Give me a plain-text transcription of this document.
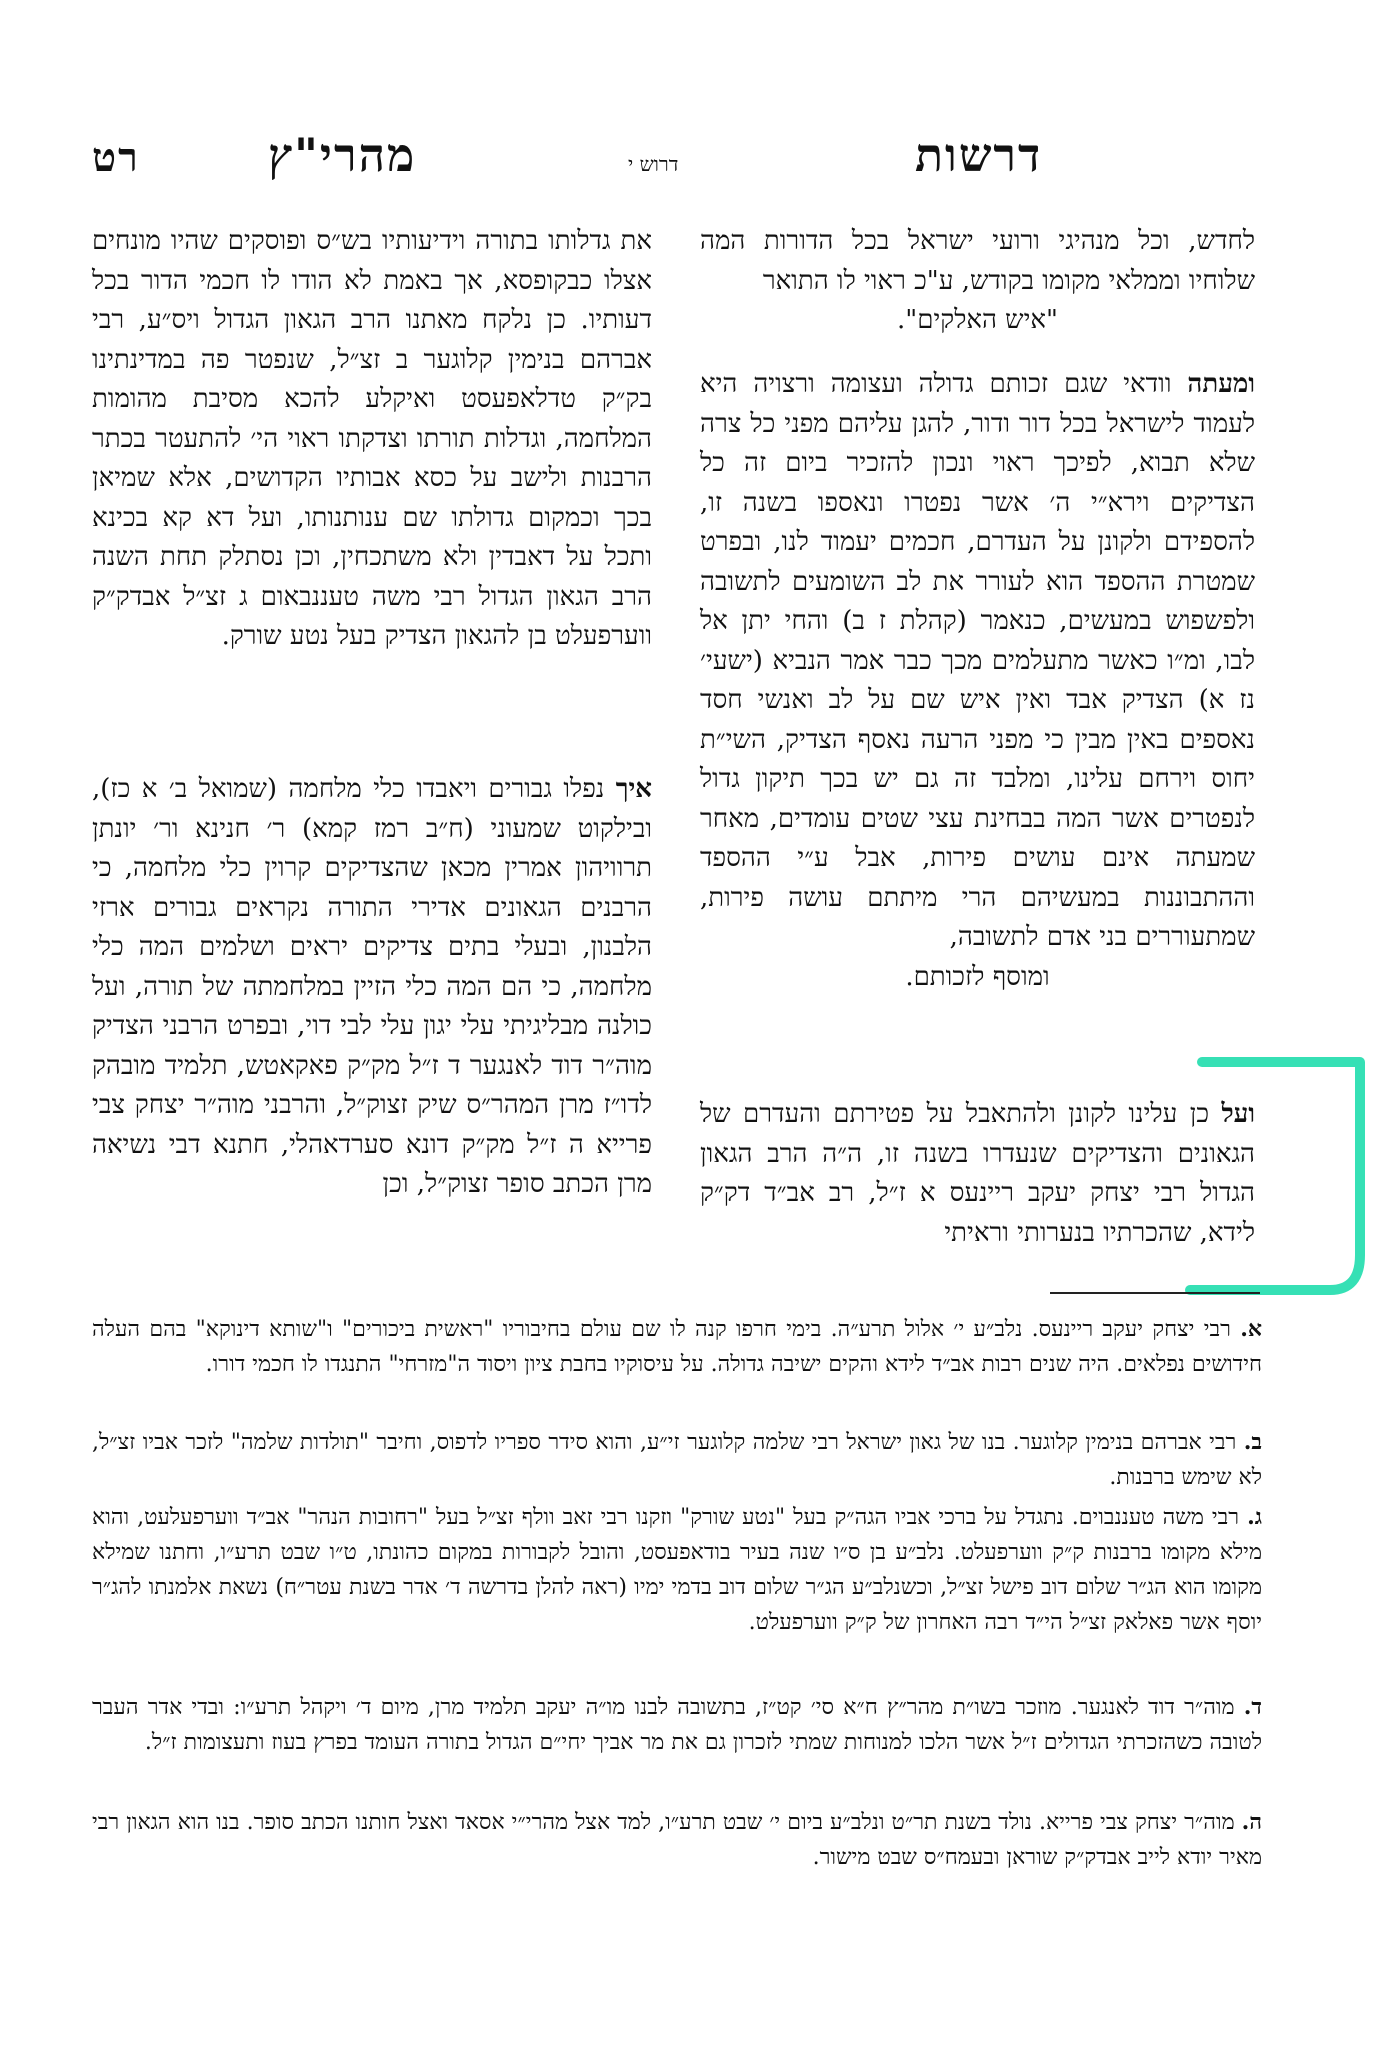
דרשות
דרוש י
מהרי"ץ
רט

לחדש, וכל מנהיגי ורועי ישראל בכל הדורות המה שלוחיו וממלאי מקומו בקודש, ע"כ ראוי לו התואר

"איש האלקים".

ומעתה וודאי שגם זכותם גדולה ועצומה ורצויה היא לעמוד לישראל בכל דור ודור, להגן עליהם מפני כל צרה שלא תבוא, לפיכך ראוי ונכון להזכיר ביום זה כל הצדיקים וירא״י ה׳ אשר נפטרו ונאספו בשנה זו, להספידם ולקונן על העדרם, חכמים יעמוד לנו, ובפרט שמטרת ההספד הוא לעורר את לב השומעים לתשובה ולפשפוש במעשים, כנאמר (קהלת ז ב) והחי יתן אל לבו, ומ״ו כאשר מתעלמים מכך כבר אמר הנביא (ישעי׳ נז א) הצדיק אבד ואין איש שם על לב ואנשי חסד נאספים באין מבין כי מפני הרעה נאסף הצדיק, השי״ת יחוס וירחם עלינו, ומלבד זה גם יש בכך תיקון גדול לנפטרים אשר המה בבחינת עצי שטים עומדים, מאחר שמעתה אינם עושים פירות, אבל ע״י ההספד וההתבוננות במעשיהם הרי מיתתם עושה פירות, שמתעוררים בני אדם לתשובה,

ומוסף לזכותם.

ועל כן עלינו לקונן ולהתאבל על פטירתם והעדרם של הגאונים והצדיקים שנעדרו בשנה זו, ה״ה הרב הגאון הגדול רבי יצחק יעקב ריינעס א ז״ל, רב אב״ד דק״ק לידא, שהכרתיו בנערותי וראיתי

את גדלותו בתורה וידיעותיו בש״ס ופוסקים שהיו מונחים אצלו כבקופסא, אך באמת לא הודו לו חכמי הדור בכל דעותיו. כן נלקח מאתנו הרב הגאון הגדול ויס״ע, רבי אברהם בנימין קלוגער ב זצ״ל, שנפטר פה במדינתינו בק״ק טדלאפעסט ואיקלע להכא מסיבת מהומות המלחמה, וגדלות תורתו וצדקתו ראוי הי׳ להתעטר בכתר הרבנות ולישב על כסא אבותיו הקדושים, אלא שמיאן בכך וכמקום גדולתו שם ענותנותו, ועל דא קא בכינא ותכל על דאבדין ולא משתכחין, וכן נסתלק תחת השנה הרב הגאון הגדול רבי משה טעננבאום ג זצ״ל אבדק״ק ווערפעלט בן להגאון הצדיק בעל נטע שורק.

איך נפלו גבורים ויאבדו כלי מלחמה (שמואל ב׳ א כז), ובילקוט שמעוני (ח״ב רמז קמא) ר׳ חנינא ור׳ יונתן תרוויהון אמרין מכאן שהצדיקים קרוין כלי מלחמה, כי הרבנים הגאונים אדירי התורה נקראים גבורים ארזי הלבנון, ובעלי בתים צדיקים יראים ושלמים המה כלי מלחמה, כי הם המה כלי הזיין במלחמתה של תורה, ועל כולנה מבליגיתי עלי יגון עלי לבי דוי, ובפרט הרבני הצדיק מוה״ר דוד לאנגער ד ז״ל מק״ק פאקאטש, תלמיד מובהק לדו״ז מרן המהר״ס שיק זצוק״ל, והרבני מוה״ר יצחק צבי פרייא ה ז״ל מק״ק דונא סערדאהלי, חתנא דבי נשיאה מרן הכתב סופר זצוק״ל, וכן

א. רבי יצחק יעקב ריינעס. נלב״ע י׳ אלול תרע״ה. בימי חרפו קנה לו שם עולם בחיבוריו "ראשית ביכורים" ו"שותא דינוקא" בהם העלה חידושים נפלאים. היה שנים רבות אב״ד לידא והקים ישיבה גדולה. על עיסוקיו בחבת ציון ויסוד ה"מזרחי" התנגדו לו חכמי דורו.
ב. רבי אברהם בנימין קלוגער. בנו של גאון ישראל רבי שלמה קלוגער זי״ע, והוא סידר ספריו לדפוס, וחיבר "תולדות שלמה" לזכר אביו זצ״ל, לא שימש ברבנות.
ג. רבי משה טעננבוים. נתגדל על ברכי אביו הגה״ק בעל "נטע שורק" וזקנו רבי זאב וולף זצ״ל בעל "רחובות הנהר" אב״ד ווערפעלעט, והוא מילא מקומו ברבנות ק״ק ווערפעלט. נלב״ע בן ס״ו שנה בעיר בודאפעסט, והובל לקבורות במקום כהונתו, ט״ו שבט תרע״ו, וחתנו שמילא מקומו הוא הג״ר שלום דוב פישל זצ״ל, וכשנלב״ע הג״ר שלום דוב בדמי ימיו (ראה להלן בדרשה ד׳ אדר בשנת עטר״ח) נשאת אלמנתו להג״ר יוסף אשר פאלאק זצ״ל הי״ד רבה האחרון של ק״ק ווערפעלט.
ד. מוה״ר דוד לאנגער. מוזכר בשו״ת מהר״ץ ח״א סי׳ קט״ז, בתשובה לבנו מו״ה יעקב תלמיד מרן, מיום ד׳ ויקהל תרע״ו: ובדי אדר העבר לטובה כשהזכרתי הגדולים ז״ל אשר הלכו למנוחות שמתי לזכרון גם את מר אביך יחי״ם הגדול בתורה העומד בפרץ בעוז ותעצומות ז״ל.
ה. מוה״ר יצחק צבי פרייא. נולד בשנת תר״ט ונלב״ע ביום י׳ שבט תרע״ו, למד אצל מהרי״י אסאד ואצל חותנו הכתב סופר. בנו הוא הגאון רבי מאיר יודא לייב אבדק״ק שוראן ובעמח״ס שבט מישור.
